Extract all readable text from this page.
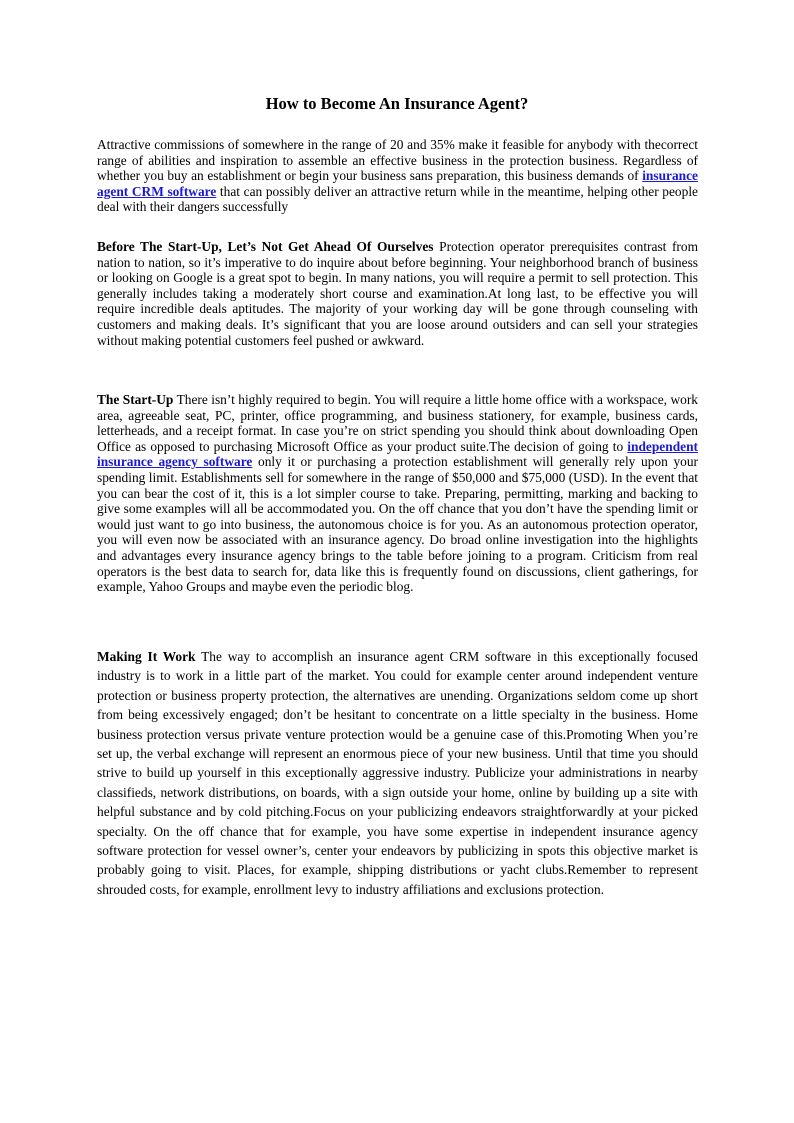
How to Become An Insurance Agent?

Attractive commissions of somewhere in the range of 20 and 35% make it feasible for anybody with thecorrect range of abilities and inspiration to assemble an effective business in the protection business. Regardless of whether you buy an establishment or begin your business sans preparation, this business demands of insurance agent CRM software that can possibly deliver an attractive return while in the meantime, helping other people deal with their dangers successfully

Before The Start-Up, Let’s Not Get Ahead Of Ourselves Protection operator prerequisites contrast from nation to nation, so it’s imperative to do inquire about before beginning. Your neighborhood branch of business or looking on Google is a great spot to begin. In many nations, you will require a permit to sell protection. This generally includes taking a moderately short course and examination.At long last, to be effective you will require incredible deals aptitudes. The majority of your working day will be gone through counseling with customers and making deals. It’s significant that you are loose around outsiders and can sell your strategies without making potential customers feel pushed or awkward.

The Start-Up There isn’t highly required to begin. You will require a little home office with a workspace, work area, agreeable seat, PC, printer, office programming, and business stationery, for example, business cards, letterheads, and a receipt format. In case you’re on strict spending you should think about downloading Open Office as opposed to purchasing Microsoft Office as your product suite.The decision of going to independent insurance agency software only it or purchasing a protection establishment will generally rely upon your spending limit. Establishments sell for somewhere in the range of $50,000 and $75,000 (USD). In the event that you can bear the cost of it, this is a lot simpler course to take. Preparing, permitting, marking and backing to give some examples will all be accommodated you. On the off chance that you don’t have the spending limit or would just want to go into business, the autonomous choice is for you. As an autonomous protection operator, you will even now be associated with an insurance agency. Do broad online investigation into the highlights and advantages every insurance agency brings to the table before joining to a program. Criticism from real operators is the best data to search for, data like this is frequently found on discussions, client gatherings, for example, Yahoo Groups and maybe even the periodic blog.

Making It Work The way to accomplish an insurance agent CRM software in this exceptionally focused industry is to work in a little part of the market. You could for example center around independent venture protection or business property protection, the alternatives are unending. Organizations seldom come up short from being excessively engaged; don’t be hesitant to concentrate on a little specialty in the business. Home business protection versus private venture protection would be a genuine case of this.Promoting When you’re set up, the verbal exchange will represent an enormous piece of your new business. Until that time you should strive to build up yourself in this exceptionally aggressive industry. Publicize your administrations in nearby classifieds, network distributions, on boards, with a sign outside your home, online by building up a site with helpful substance and by cold pitching.Focus on your publicizing endeavors straightforwardly at your picked specialty. On the off chance that for example, you have some expertise in independent insurance agency software protection for vessel owner’s, center your endeavors by publicizing in spots this objective market is probably going to visit. Places, for example, shipping distributions or yacht clubs.Remember to represent shrouded costs, for example, enrollment levy to industry affiliations and exclusions protection.
